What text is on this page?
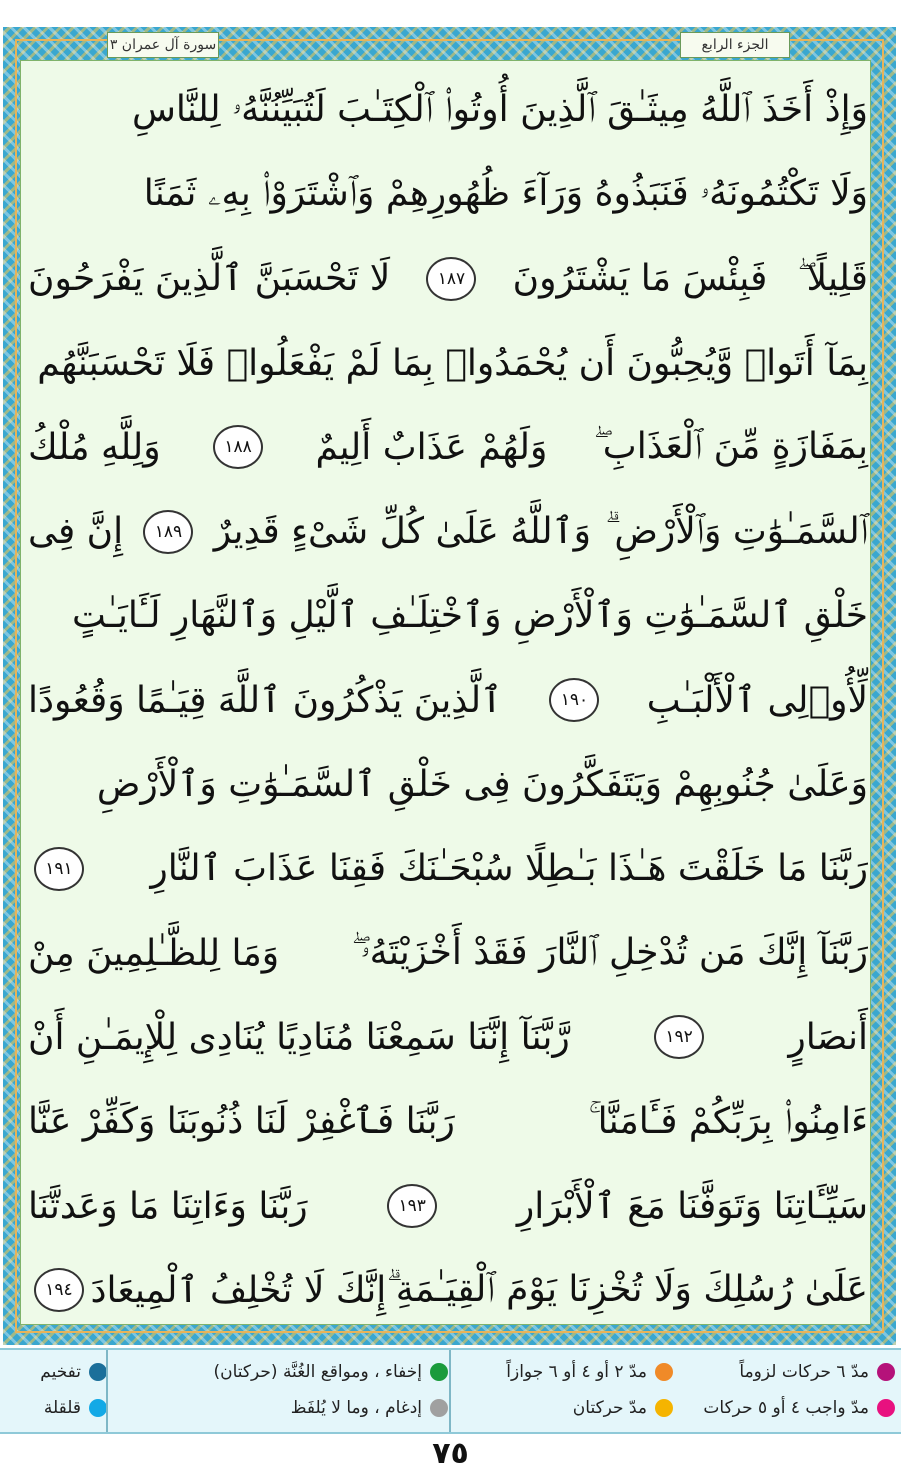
الجزء الرابع
سورة آل عمران ٣
وَإِذْ أَخَذَ ٱللَّهُ مِيثَـٰقَ ٱلَّذِينَ أُوتُوا۟ ٱلْكِتَـٰبَ لَتُبَيِّنُنَّهُۥ لِلنَّاسِ
وَلَا تَكْتُمُونَهُۥ فَنَبَذُوهُ وَرَآءَ ظُهُورِهِمْ وَٱشْتَرَوْا۟ بِهِۦ ثَمَنًا
قَلِيلًا ۖ
فَبِئْسَ مَا يَشْتَرُونَ
١٨٧
لَا تَحْسَبَنَّ ٱلَّذِينَ يَفْرَحُونَ
بِمَآ أَتَوا۟ وَّيُحِبُّونَ أَن يُحْمَدُوا۟ بِمَا لَمْ يَفْعَلُوا۟ فَلَا تَحْسَبَنَّهُم
بِمَفَازَةٍ مِّنَ ٱلْعَذَابِ ۖ
وَلَهُمْ عَذَابٌ أَلِيمٌ
١٨٨
وَلِلَّهِ مُلْكُ
ٱلسَّمَـٰوَٰتِ وَٱلْأَرْضِ ۗ
وَٱللَّهُ عَلَىٰ كُلِّ شَىْءٍ قَدِيرٌ
١٨٩
إِنَّ فِى
خَلْقِ ٱلسَّمَـٰوَٰتِ وَٱلْأَرْضِ وَٱخْتِلَـٰفِ ٱلَّيْلِ وَٱلنَّهَارِ لَـَٔايَـٰتٍ
لِّأُو۟لِى ٱلْأَلْبَـٰبِ
١٩٠
ٱلَّذِينَ يَذْكُرُونَ ٱللَّهَ قِيَـٰمًا وَقُعُودًا
وَعَلَىٰ جُنُوبِهِمْ وَيَتَفَكَّرُونَ فِى خَلْقِ ٱلسَّمَـٰوَٰتِ وَٱلْأَرْضِ
رَبَّنَا مَا خَلَقْتَ هَـٰذَا بَـٰطِلًا سُبْحَـٰنَكَ فَقِنَا عَذَابَ ٱلنَّارِ
١٩١
رَبَّنَآ إِنَّكَ مَن تُدْخِلِ ٱلنَّارَ فَقَدْ أَخْزَيْتَهُۥ ۖ
وَمَا لِلظَّـٰلِمِينَ مِنْ
أَنصَارٍ
١٩٢
رَّبَّنَآ إِنَّنَا سَمِعْنَا مُنَادِيًا يُنَادِى لِلْإِيمَـٰنِ أَنْ
ءَامِنُوا۟ بِرَبِّكُمْ فَـَٔامَنَّا ۚ
رَبَّنَا فَٱغْفِرْ لَنَا ذُنُوبَنَا وَكَفِّرْ عَنَّا
سَيِّـَٔاتِنَا وَتَوَفَّنَا مَعَ ٱلْأَبْرَارِ
١٩٣
رَبَّنَا وَءَاتِنَا مَا وَعَدتَّنَا
عَلَىٰ رُسُلِكَ وَلَا تُخْزِنَا يَوْمَ ٱلْقِيَـٰمَةِ ۗ
إِنَّكَ لَا تُخْلِفُ ٱلْمِيعَادَ
١٩٤
مدّ ٦ حركات لزوماً
مدّ واجب ٤ أو ٥ حركات
مدّ ٢ أو ٤ أو ٦ جوازاً
مدّ حركتان
إخفاء ، ومواقع الغُنَّة (حركتان)
إدغام ، وما لا يُلفَظ
تفخيم
قلقلة
٧٥
